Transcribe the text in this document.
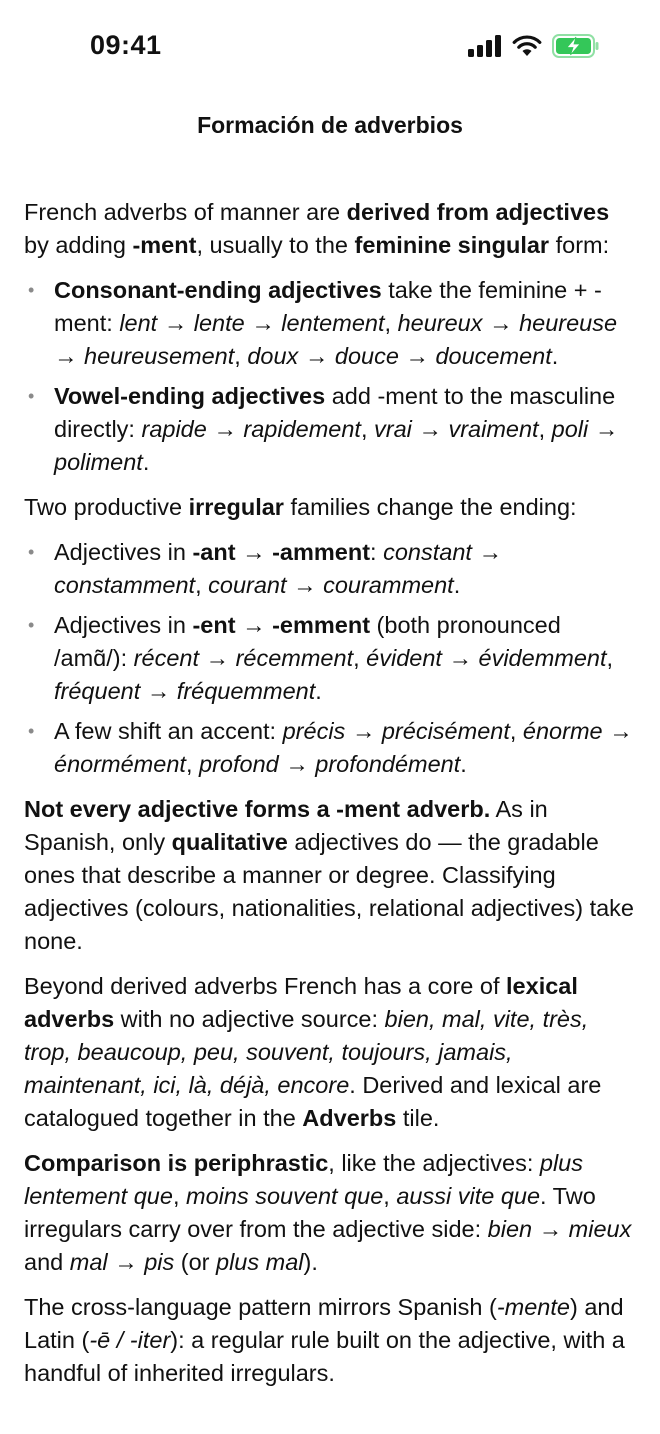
09:41
Formación de adverbios

French adverbs of manner are derived from adjectives by adding -ment, usually to the feminine singular form:

• Consonant-ending adjectives take the feminine + -ment: lent → lente → lentement, heureux → heureuse → heureusement, doux → douce → doucement.
• Vowel-ending adjectives add -ment to the masculine directly: rapide → rapidement, vrai → vraiment, poli → poliment.

Two productive irregular families change the ending:

• Adjectives in -ant → -amment: constant → constamment, courant → couramment.
• Adjectives in -ent → -emment (both pronounced /amɑ̃/): récent → récemment, évident → évidemment, fréquent → fréquemment.
• A few shift an accent: précis → précisément, énorme → énormément, profond → profondément.

Not every adjective forms a -ment adverb. As in Spanish, only qualitative adjectives do — the gradable ones that describe a manner or degree. Classifying adjectives (colours, nationalities, relational adjectives) take none.

Beyond derived adverbs French has a core of lexical adverbs with no adjective source: bien, mal, vite, très, trop, beaucoup, peu, souvent, toujours, jamais, maintenant, ici, là, déjà, encore. Derived and lexical are catalogued together in the Adverbs tile.

Comparison is periphrastic, like the adjectives: plus lentement que, moins souvent que, aussi vite que. Two irregulars carry over from the adjective side: bien → mieux and mal → pis (or plus mal).

The cross-language pattern mirrors Spanish (-mente) and Latin (-ē / -iter): a regular rule built on the adjective, with a handful of inherited irregulars.
